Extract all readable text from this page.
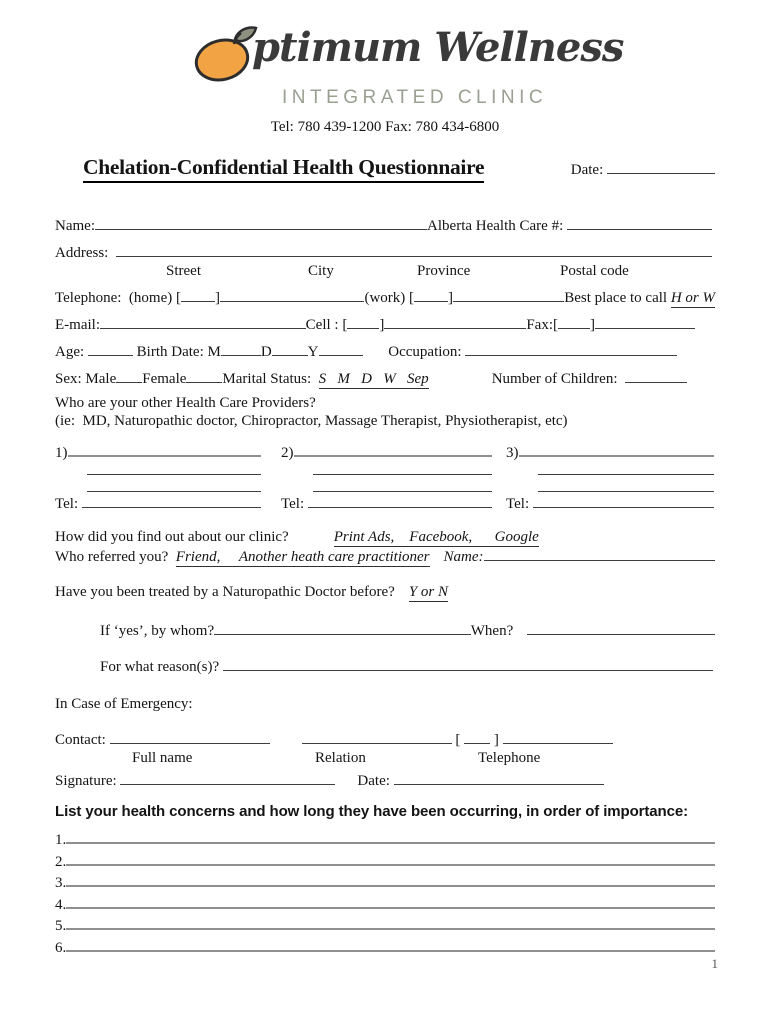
ptimum Wellness
INTEGRATED CLINIC
Tel: 780 439-1200 Fax: 780 434-6800
Chelation-Confidential Health Questionnaire	Date:
Name:	Alberta Health Care #:
Address:
Street	City	Province	Postal code
Telephone:  (home) [ ]	(work) [ ]	Best place to call H or W
E-mail:	Cell : [ ]	Fax: [ ]
Age:	Birth Date: M	D Y	Occupation:
Sex: Male Female Marital Status: S   M   D   W   Sep	Number of Children:
Who are your other Health Care Providers?
(ie:  MD, Naturopathic doctor, Chiropractor, Massage Therapist, Physiotherapist, etc)
1)
Tel:
2)
Tel:
3)
Tel:
How did you find out about our clinic?	Print Ads,    Facebook,      Google
Who referred you? Friend,     Another heath care practitioner Name:
Have you been treated by a Naturopathic Doctor before? Y or N
If ‘yes’, by whom?	When?
For what reason(s)?
In Case of Emergency:
Contact:	[ ]
Full name	Relation	Telephone
Signature:	Date:
List your health concerns and how long they have been occurring, in order of importance:
1.
2.
3.
4.
5.
6.
1
